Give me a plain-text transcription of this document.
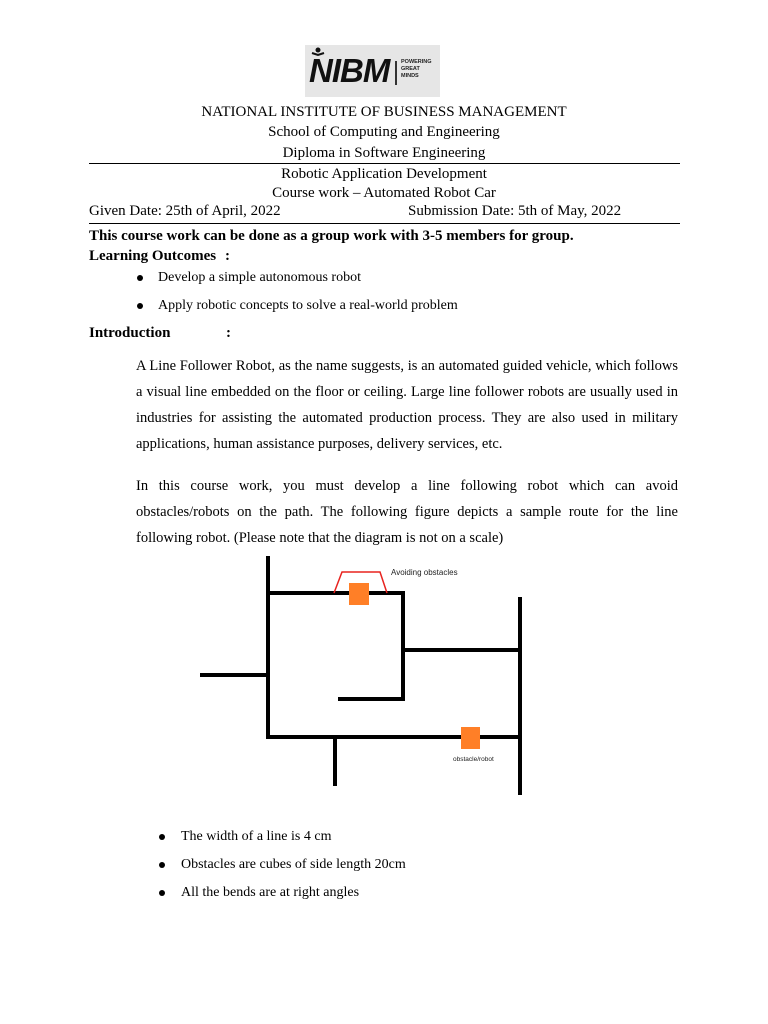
NIBM POWERING
GREAT
MINDS
NATIONAL INSTITUTE OF BUSINESS MANAGEMENT
School of Computing and Engineering
Diploma in Software Engineering
Robotic Application Development
Course work – Automated Robot Car
Given Date: 25th of April, 2022	Submission Date: 5th of May, 2022
This course work can be done as a group work with 3-5 members for group.
Learning Outcomes :
Develop a simple autonomous robot
Apply robotic concepts to solve a real-world problem
Introduction	:
A Line Follower Robot, as the name suggests, is an automated guided vehicle, which follows a visual line embedded on the floor or ceiling. Large line follower robots are usually used in industries for assisting the automated production process. They are also used in military applications, human assistance purposes, delivery services, etc.
In this course work, you must develop a line following robot which can avoid obstacles/robots on the path. The following figure depicts a sample route for the line following robot. (Please note that the diagram is not on a scale)
Avoiding obstacles
obstacle/robot
The width of a line is 4 cm
Obstacles are cubes of side length 20cm
All the bends are at right angles
